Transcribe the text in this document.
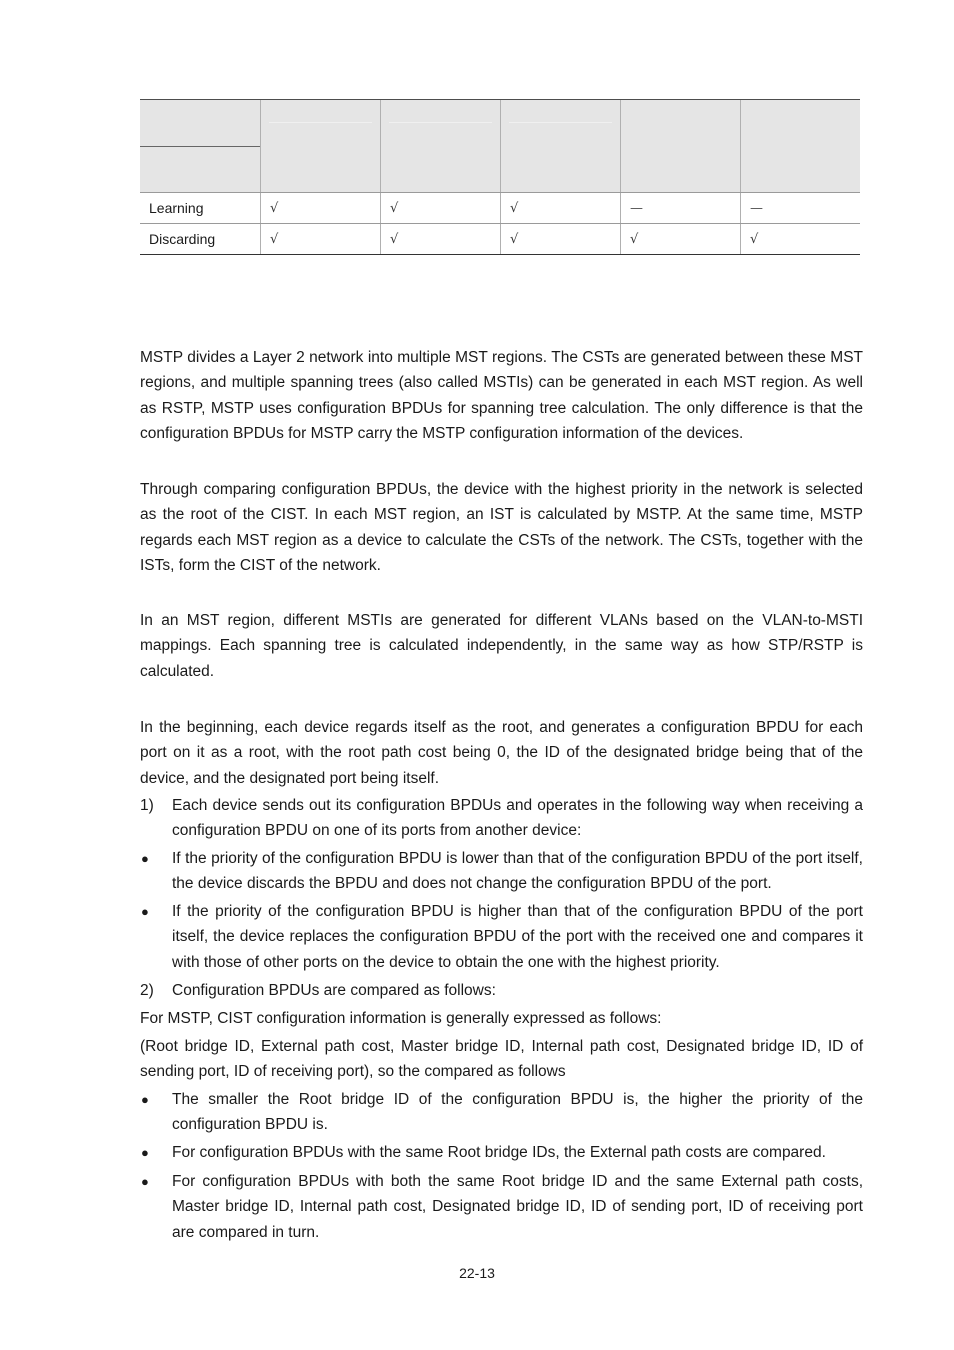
Learning	√	√	√	—	—
Discarding	√	√	√	√	√

MSTP divides a Layer 2 network into multiple MST regions. The CSTs are generated between these MST regions, and multiple spanning trees (also called MSTIs) can be generated in each MST region. As well as RSTP, MSTP uses configuration BPDUs for spanning tree calculation. The only difference is that the configuration BPDUs for MSTP carry the MSTP configuration information of the devices.

Through comparing configuration BPDUs, the device with the highest priority in the network is selected as the root of the CIST. In each MST region, an IST is calculated by MSTP. At the same time, MSTP regards each MST region as a device to calculate the CSTs of the network. The CSTs, together with the ISTs, form the CIST of the network.

In an MST region, different MSTIs are generated for different VLANs based on the VLAN-to-MSTI mappings. Each spanning tree is calculated independently, in the same way as how STP/RSTP is calculated.

In the beginning, each device regards itself as the root, and generates a configuration BPDU for each port on it as a root, with the root path cost being 0, the ID of the designated bridge being that of the device, and the designated port being itself.

1)	Each device sends out its configuration BPDUs and operates in the following way when receiving a configuration BPDU on one of its ports from another device:
● If the priority of the configuration BPDU is lower than that of the configuration BPDU of the port itself, the device discards the BPDU and does not change the configuration BPDU of the port.
● If the priority of the configuration BPDU is higher than that of the configuration BPDU of the port itself, the device replaces the configuration BPDU of the port with the received one and compares it with those of other ports on the device to obtain the one with the highest priority.
2)	Configuration BPDUs are compared as follows:

For MSTP, CIST configuration information is generally expressed as follows:

(Root bridge ID, External path cost, Master bridge ID, Internal path cost, Designated bridge ID, ID of sending port, ID of receiving port), so the compared as follows

● The smaller the Root bridge ID of the configuration BPDU is, the higher the priority of the configuration BPDU is.
● For configuration BPDUs with the same Root bridge IDs, the External path costs are compared.
● For configuration BPDUs with both the same Root bridge ID and the same External path costs, Master bridge ID, Internal path cost, Designated bridge ID, ID of sending port, ID of receiving port are compared in turn.
22-13
